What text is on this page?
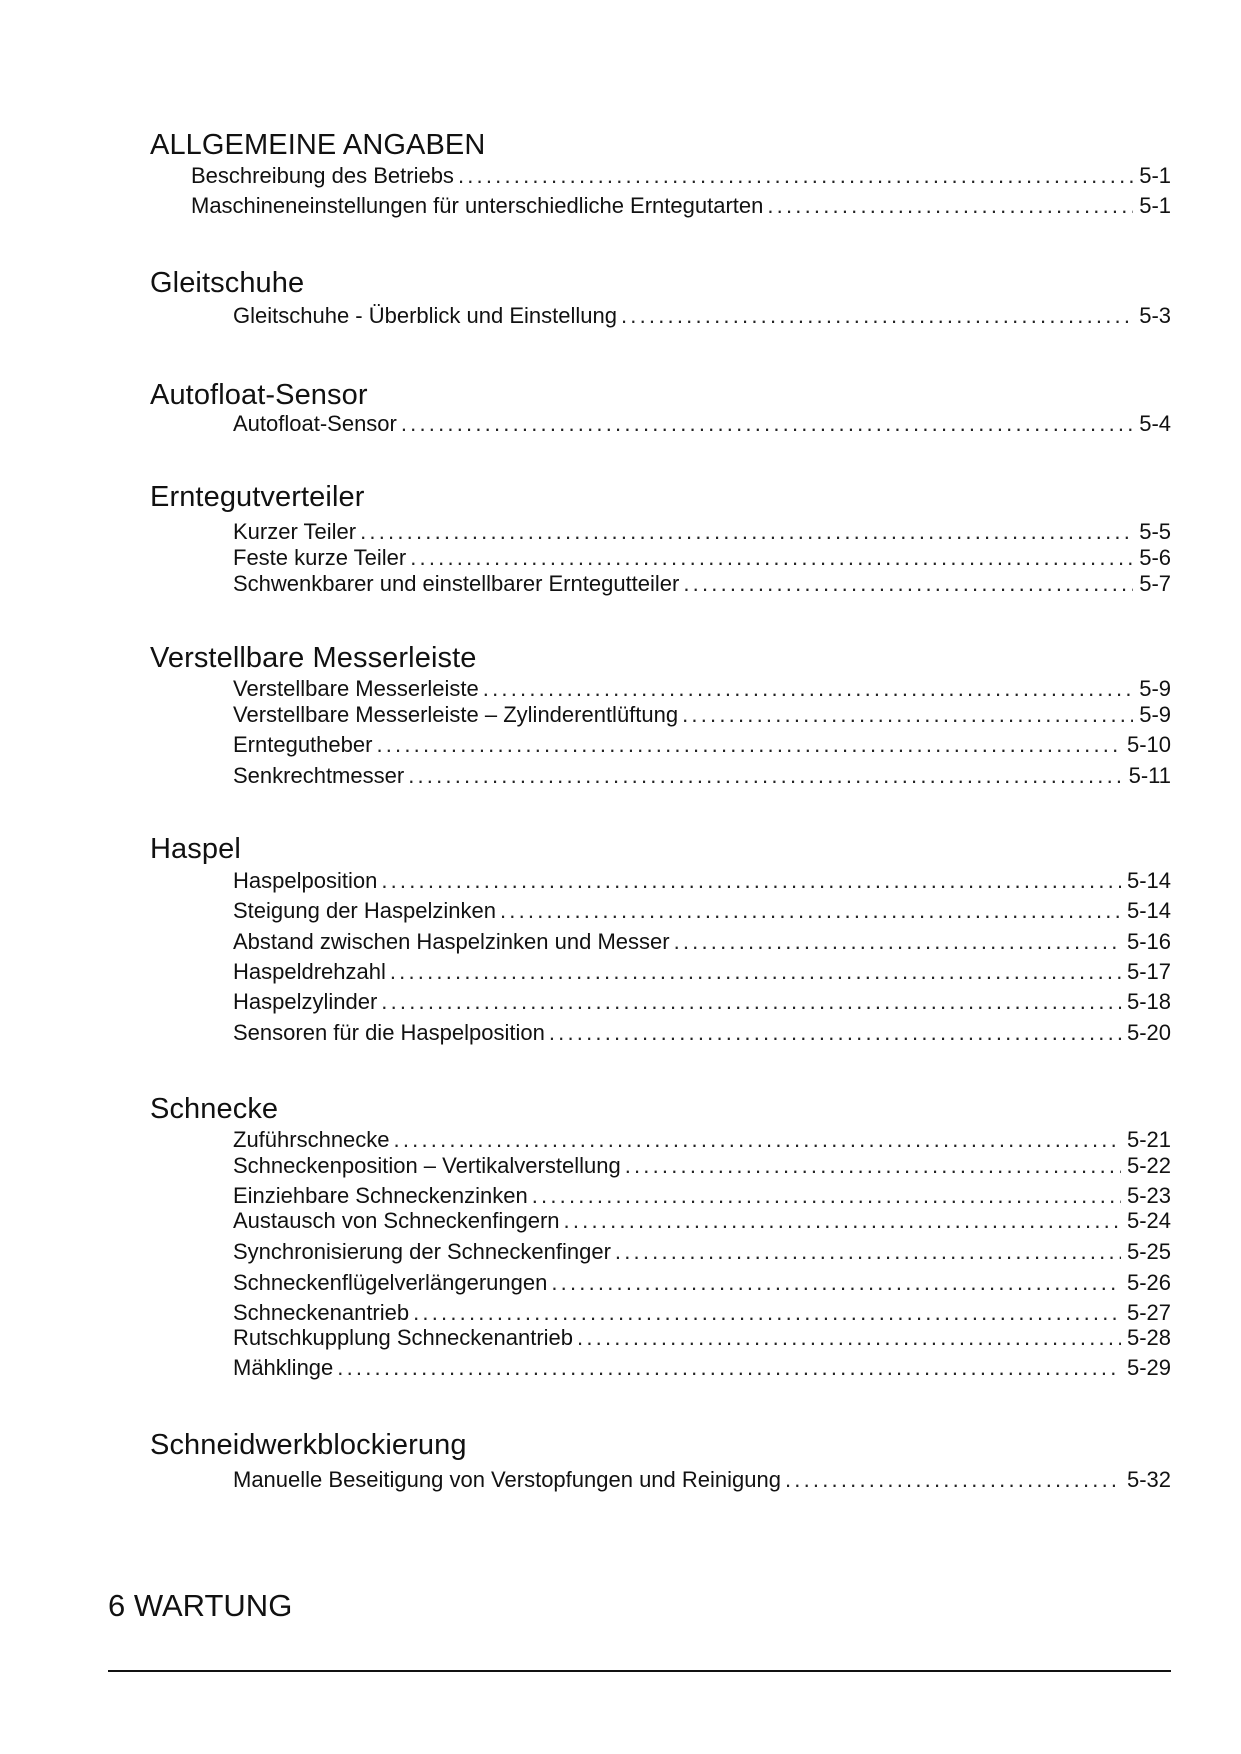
ALLGEMEINE ANGABEN
Beschreibung des Betriebs .....	5-1
Maschineneinstellungen für unterschiedliche Erntegutarten .....	5-1
Gleitschuhe
Gleitschuhe - Überblick und Einstellung .....	5-3
Autofloat-Sensor
Autofloat-Sensor .....	5-4
Erntegutverteiler
Kurzer Teiler .....	5-5
Feste kurze Teiler .....	5-6
Schwenkbarer und einstellbarer Erntegutteiler .....	5-7
Verstellbare Messerleiste
Verstellbare Messerleiste .....	5-9
Verstellbare Messerleiste – Zylinderentlüftung .....	5-9
Erntegutheber .....	5-10
Senkrechtmesser .....	5-11
Haspel
Haspelposition .....	5-14
Steigung der Haspelzinken .....	5-14
Abstand zwischen Haspelzinken und Messer .....	5-16
Haspeldrehzahl .....	5-17
Haspelzylinder .....	5-18
Sensoren für die Haspelposition .....	5-20
Schnecke
Zuführschnecke .....	5-21
Schneckenposition – Vertikalverstellung .....	5-22
Einziehbare Schneckenzinken .....	5-23
Austausch von Schneckenfingern .....	5-24
Synchronisierung der Schneckenfinger .....	5-25
Schneckenflügelverlängerungen .....	5-26
Schneckenantrieb .....	5-27
Rutschkupplung Schneckenantrieb .....	5-28
Mähklinge .....	5-29
Schneidwerkblockierung
Manuelle Beseitigung von Verstopfungen und Reinigung .....	5-32
6 WARTUNG
